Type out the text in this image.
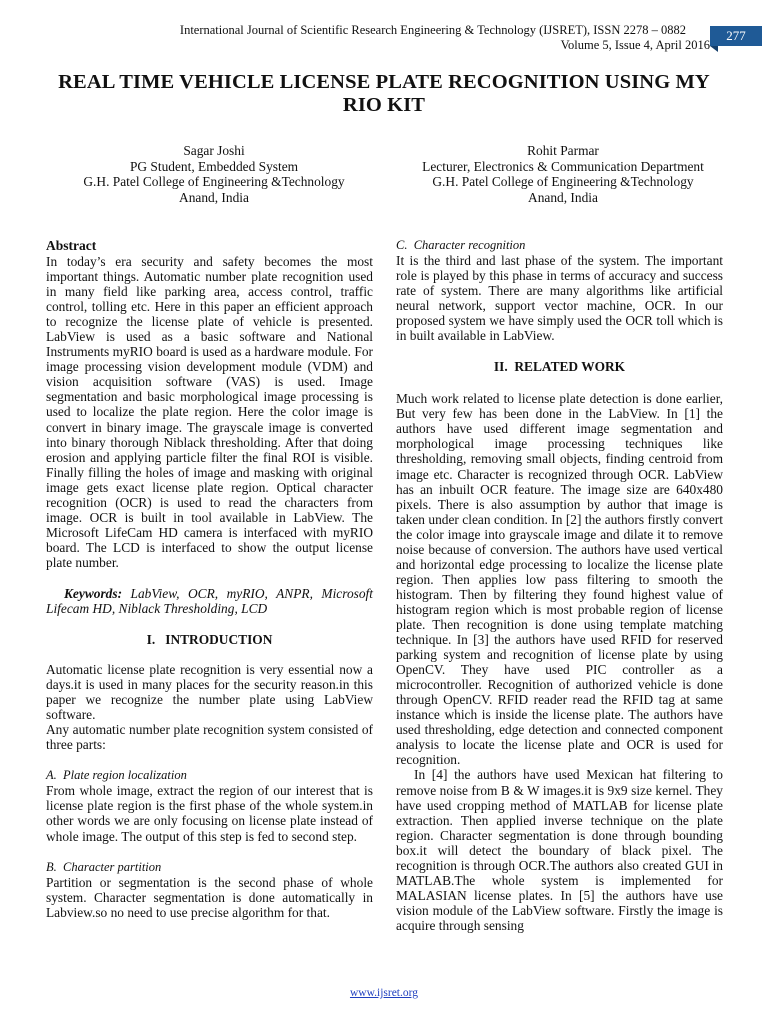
International Journal of Scientific Research Engineering & Technology (IJSRET), ISSN 2278 – 0882
Volume 5, Issue 4, April 2016
277
REAL TIME VEHICLE LICENSE PLATE RECOGNITION USING MY RIO KIT
Sagar Joshi
PG Student, Embedded System
G.H. Patel College of Engineering &Technology
Anand, India
Rohit Parmar
Lecturer, Electronics & Communication Department
G.H. Patel College of Engineering &Technology
Anand, India

Abstract

In today’s era security and safety becomes the most important things. Automatic number plate recognition used in many field like parking area, access control, traffic control, tolling etc. Here in this paper an efficient approach to recognize the license plate of vehicle is presented. LabView is used as a basic software and National Instruments myRIO board is used as a hardware module. For image processing vision development module (VDM) and vision acquisition software (VAS) is used. Image segmentation and basic morphological image processing is used to localize the plate region. Here the color image is convert in binary image. The grayscale image is converted into binary thorough Niblack thresholding. After that doing erosion and applying particle filter the final ROI is visible. Finally filling the holes of image and masking with original image gets exact license plate region. Optical character recognition (OCR) is used to read the characters from image. OCR is built in tool available in LabView. The Microsoft LifeCam HD camera is interfaced with myRIO board. The LCD is interfaced to show the output license plate number.

Keywords: LabView, OCR, myRIO, ANPR, Microsoft Lifecam HD, Niblack Thresholding, LCD

I.   INTRODUCTION

Automatic license plate recognition is very essential now a days.it is used in many places for the security reason.in this paper we recognize the number plate using LabView software.

Any automatic number plate recognition system consisted of three parts:

A.  Plate region localization

From whole image, extract the region of our interest that is license plate region is the first phase of the whole system.in other words we are only focusing on license plate instead of whole image. The output of this step is fed to second step.

B.  Character partition

Partition or segmentation is the second phase of whole system. Character segmentation is done automatically in Labview.so no need to use precise algorithm for that.

C.  Character recognition

It is the third and last phase of the system. The important role is played by this phase in terms of accuracy and success rate of system. There are many algorithms like artificial neural network, support vector machine, OCR. In our proposed system we have simply used the OCR toll which is in built available in LabView.

II.  RELATED WORK

Much work related to license plate detection is done earlier, But very few has been done in the LabView. In [1] the authors have used different image segmentation and morphological image processing techniques like thresholding, removing small objects, finding centroid from image etc. Character is recognized through OCR. LabView has an inbuilt OCR feature. The image size are 640x480 pixels. There is also assumption by author that image is taken under clean condition. In [2] the authors firstly convert the color image into grayscale image and dilate it to remove noise because of conversion. The authors have used vertical and horizontal edge processing to localize the license plate region. Then applies low pass filtering to smooth the histogram. Then by filtering they found highest value of histogram region which is most probable region of license plate. Then recognition is done using template matching technique. In [3] the authors have used RFID for reserved parking system and recognition of license plate by using OpenCV. They have used PIC controller as a microcontroller. Recognition of authorized vehicle is done through OpenCV. RFID reader read the RFID tag at same instance which is inside the license plate. The authors have used thresholding, edge detection and connected component analysis to locate the license plate and OCR is used for recognition.

In [4] the authors have used Mexican hat filtering to remove noise from B & W images.it is 9x9 size kernel. They have used cropping method of MATLAB for license plate extraction. Then applied inverse technique on the plate region. Character segmentation is done through bounding box.it will detect the boundary of black pixel. The recognition is through OCR.The authors also created GUI in MATLAB.The whole system is implemented for MALASIAN license plates. In [5] the authors have use vision module of the LabView software. Firstly the image is acquire through sensing

www.ijsret.org
